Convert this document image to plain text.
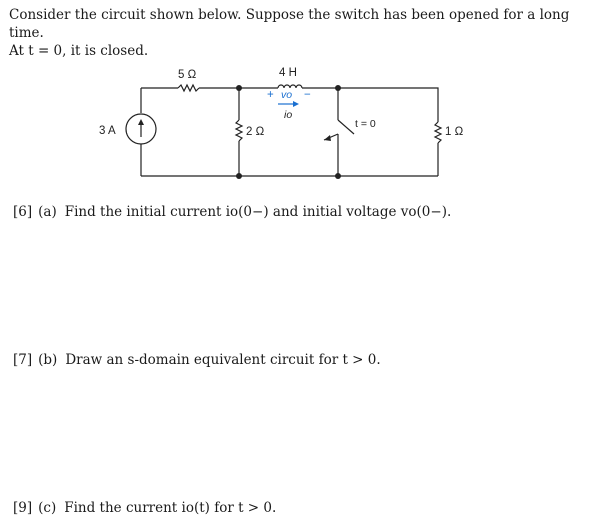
Consider the circuit shown below. Suppose the switch has been opened for a long time.

At t = 0, it is closed.

3 A
5 Ω
2 Ω
4 H
+ vo −
io
t = 0
1 Ω
[6] (a) Find the initial current io(0−) and initial voltage vo(0−).
[7] (b) Draw an s-domain equivalent circuit for t > 0.
[9] (c) Find the current io(t) for t > 0.
